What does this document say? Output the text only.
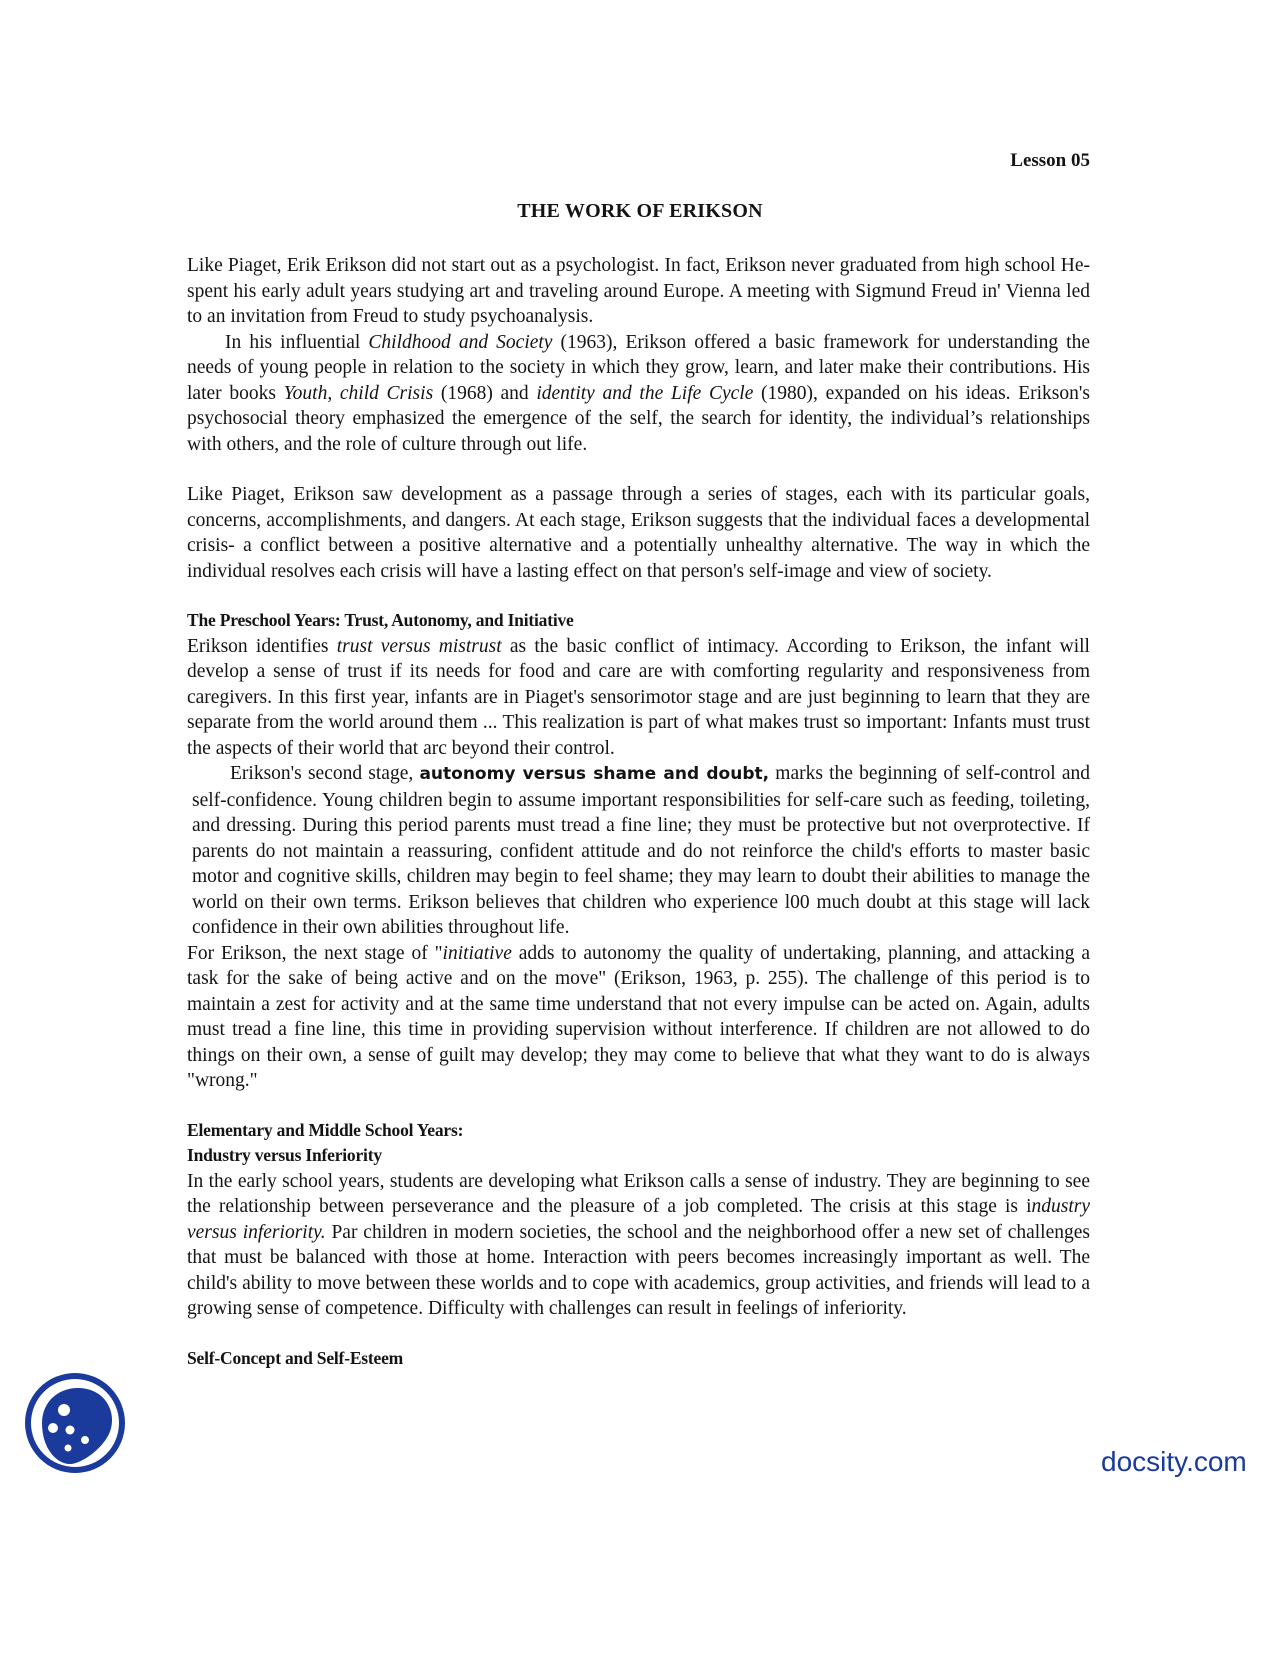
Lesson 05
THE WORK OF ERIKSON

Like Piaget, Erik Erikson did not start out as a psychologist. In fact, Erikson never graduated from high school He-spent his early adult years studying art and traveling around Europe. A meeting with Sigmund Freud in' Vienna led to an invitation from Freud to study psychoanalysis.

In his influential Childhood and Society (1963), Erikson offered a basic framework for understanding the needs of young people in relation to the society in which they grow, learn, and later make their contributions. His later books Youth, child Crisis (1968) and identity and the Life Cycle (1980), expanded on his ideas. Erikson's psychosocial theory emphasized the emergence of the self, the search for identity, the individual’s relationships with others, and the role of culture through out life.

Like Piaget, Erikson saw development as a passage through a series of stages, each with its particular goals, concerns, accomplishments, and dangers. At each stage, Erikson suggests that the individual faces a developmental crisis- a conflict between a positive alternative and a potentially unhealthy alternative. The way in which the individual resolves each crisis will have a lasting effect on that person's self-image and view of society.

The Preschool Years: Trust, Autonomy, and Initiative

Erikson identifies trust versus mistrust as the basic conflict of intimacy. According to Erikson, the infant will develop a sense of trust if its needs for food and care are with comforting regularity and responsiveness from caregivers. In this first year, infants are in Piaget's sensorimotor stage and are just beginning to learn that they are separate from the world around them ... This realization is part of what makes trust so important: Infants must trust the aspects of their world that arc beyond their control.

Erikson's second stage, autonomy versus shame and doubt, marks the beginning of self-control and self-confidence. Young children begin to assume important responsibilities for self-care such as feeding, toileting, and dressing. During this period parents must tread a fine line; they must be protective but not overprotective. If parents do not maintain a reassuring, confident attitude and do not reinforce the child's efforts to master basic motor and cognitive skills, children may begin to feel shame; they may learn to doubt their abilities to manage the world on their own terms. Erikson believes that children who experience l00 much doubt at this stage will lack confidence in their own abilities throughout life.

For Erikson, the next stage of "initiative adds to autonomy the quality of undertaking, planning, and attacking a task for the sake of being active and on the move" (Erikson, 1963, p. 255). The challenge of this period is to maintain a zest for activity and at the same time understand that not every impulse can be acted on. Again, adults must tread a fine line, this time in providing supervision without interference. If children are not allowed to do things on their own, a sense of guilt may develop; they may come to believe that what they want to do is always "wrong."

Elementary and Middle School Years:

Industry versus Inferiority

In the early school years, students are developing what Erikson calls a sense of industry. They are beginning to see the relationship between perseverance and the pleasure of a job completed. The crisis at this stage is industry versus inferiority. Par children in modern societies, the school and the neighborhood offer a new set of challenges that must be balanced with those at home. Interaction with peers becomes increasingly important as well. The child's ability to move between these worlds and to cope with academics, group activities, and friends will lead to a growing sense of competence. Difficulty with challenges can result in feelings of inferiority.

Self-Concept and Self-Esteem

docsity.com
